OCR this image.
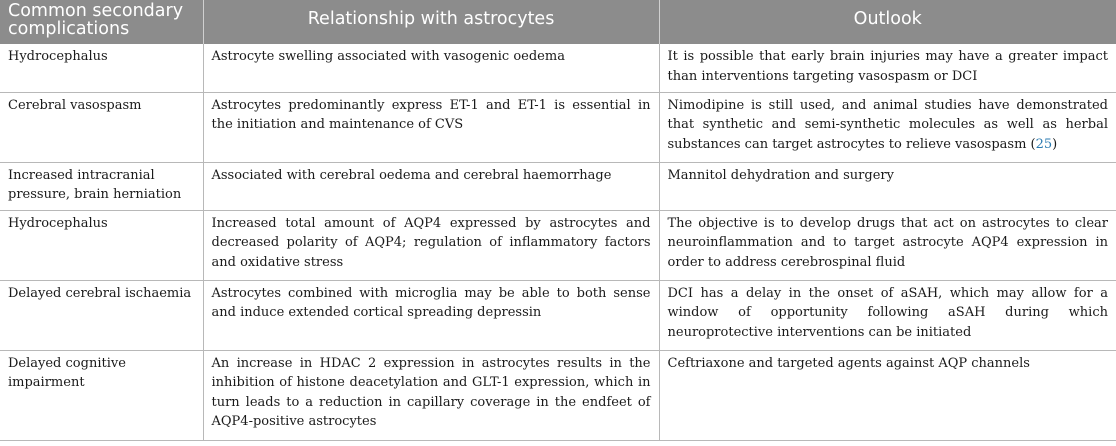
Common secondary complications	Relationship with astrocytes	Outlook
Hydrocephalus	Astrocyte swelling associated with vasogenic oedema	It is possible that early brain injuries may have a greater impact than interventions targeting vasospasm or DCI
Cerebral vasospasm	Astrocytes predominantly express ET-1 and ET-1 is essential in the initiation and maintenance of CVS	Nimodipine is still used, and animal studies have demonstrated that synthetic and semi-synthetic molecules as well as herbal substances can target astrocytes to relieve vasospasm (25)
Increased intracranial pressure, brain herniation	Associated with cerebral oedema and cerebral haemorrhage	Mannitol dehydration and surgery
Hydrocephalus	Increased total amount of AQP4 expressed by astrocytes and decreased polarity of AQP4; regulation of inflammatory factors and oxidative stress	The objective is to develop drugs that act on astrocytes to clear neuroinflammation and to target astrocyte AQP4 expression in order to address cerebrospinal fluid
Delayed cerebral ischaemia	Astrocytes combined with microglia may be able to both sense and induce extended cortical spreading depressin	DCI has a delay in the onset of aSAH, which may allow for a window of opportunity following aSAH during which neuroprotective interventions can be initiated
Delayed cognitive impairment	An increase in HDAC 2 expression in astrocytes results in the inhibition of histone deacetylation and GLT-1 expression, which in turn leads to a reduction in capillary coverage in the endfeet of AQP4-positive astrocytes	Ceftriaxone and targeted agents against AQP channels
